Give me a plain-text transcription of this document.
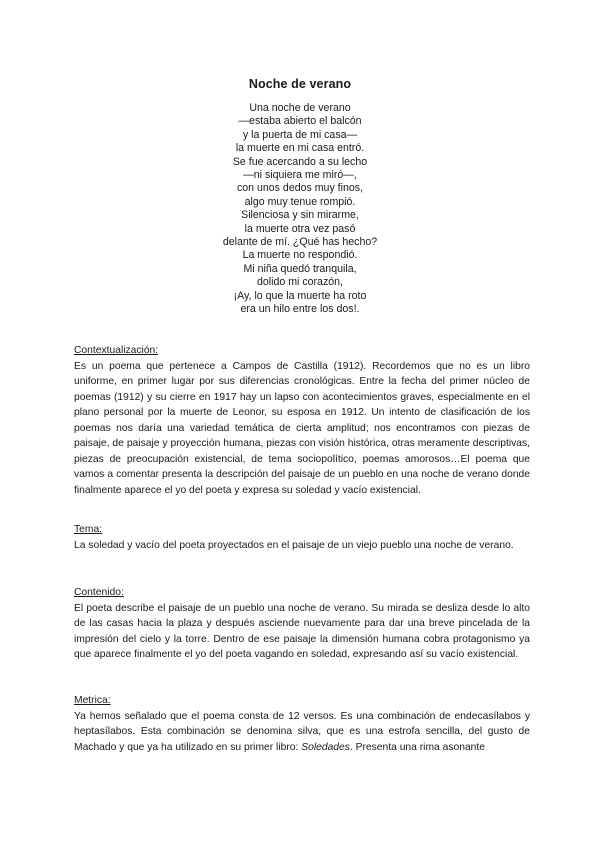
Noche de verano
Una noche de verano
—estaba abierto el balcón
y la puerta de mi casa—
la muerte en mi casa entró.
Se fue acercando a su lecho
—ni siquiera me miró—,
con unos dedos muy finos,
algo muy tenue rompió.
Silenciosa y sin mirarme,
la muerte otra vez pasó
delante de mí. ¿Qué has hecho?
La muerte no respondió.
Mi niña quedó tranquila,
dolido mi corazón,
¡Ay, lo que la muerte ha roto
era un hilo entre los dos!.
Contextualización:
Es un poema que pertenece a Campos de Castilla (1912). Recordemos que no es un libro uniforme, en primer lugar por sus diferencias cronológicas. Entre la fecha del primer núcleo de poemas (1912) y su cierre en 1917 hay un lapso con acontecimientos graves, especialmente en el plano personal por la muerte de Leonor, su esposa en 1912. Un intento de clasificación de los poemas nos daría una variedad temática de cierta amplitud; nos encontramos con piezas de paisaje, de paisaje y proyección humana, piezas con visión histórica, otras meramente descriptivas, piezas de preocupación existencial, de tema sociopolítico, poemas amorosos…El poema que vamos a comentar presenta la descripción del paisaje de un pueblo en una noche de verano donde finalmente aparece el yo del poeta y expresa su soledad y vacío existencial.
Tema:
La soledad y vacío del poeta proyectados en el paisaje de un viejo pueblo una noche de verano.
Contenido:
El poeta describe el paisaje de un pueblo una noche de verano. Su mirada se desliza desde lo alto de las casas hacia la plaza y después asciende nuevamente para dar una breve pincelada de la impresión del cielo y la torre. Dentro de ese paisaje la dimensión humana cobra protagonismo ya que aparece finalmente el yo del poeta vagando en soledad, expresando así su vacío existencial.
Metrica:
Ya hemos señalado que el poema consta de 12 versos. Es una combinación de endecasílabos y heptasílabos. Esta combinación se denomina silva, que es una estrofa sencilla, del gusto de Machado y que ya ha utilizado en su primer libro: Soledades. Presenta una rima asonante
